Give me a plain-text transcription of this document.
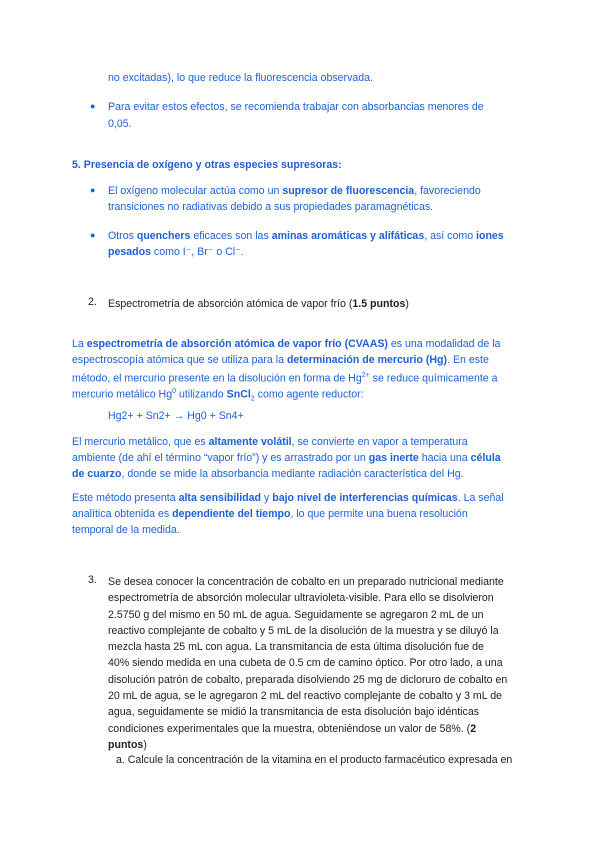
no excitadas), lo que reduce la fluorescencia observada.
● Para evitar estos efectos, se recomienda trabajar con absorbancias menores de
0,05.
5. Presencia de oxígeno y otras especies supresoras:
● El oxígeno molecular actúa como un supresor de fluorescencia, favoreciendo
transiciones no radiativas debido a sus propiedades paramagnéticas.
● Otros quenchers eficaces son las aminas aromáticas y alifáticas, así como iones
pesados como I⁻, Br⁻ o Cl⁻.
2. Espectrometría de absorción atómica de vapor frío (1.5 puntos)
La espectrometría de absorción atómica de vapor frío (CVAAS) es una modalidad de la
espectroscopía atómica que se utiliza para la determinación de mercurio (Hg). En este
método, el mercurio presente en la disolución en forma de $Hg^{2+}$ se reduce químicamente a
mercurio metálico Hg$^0$ utilizando SnCl$_2$ como agente reductor:
Hg2+ + Sn2+ → Hg0 + Sn4+
El mercurio metálico, que es altamente volátil, se convierte en vapor a temperatura
ambiente (de ahí el término “vapor frío”) y es arrastrado por un gas inerte hacia una célula
de cuarzo, donde se mide la absorbancia mediante radiación característica del Hg.
Este método presenta alta sensibilidad y bajo nivel de interferencias químicas. La señal
analítica obtenida es dependiente del tiempo, lo que permite una buena resolución
temporal de la medida.
3. Se desea conocer la concentración de cobalto en un preparado nutricional mediante
espectrometría de absorción molecular ultravioleta-visible. Para ello se disolvieron
2.5750 g del mismo en 50 mL de agua. Seguidamente se agregaron 2 mL de un
reactivo complejante de cobalto y 5 mL de la disolución de la muestra y se diluyó la
mezcla hasta 25 mL con agua. La transmitancia de esta última disolución fue de
40% siendo medida en una cubeta de 0.5 cm de camino óptico. Por otro lado, a una
disolución patrón de cobalto, preparada disolviendo 25 mg de dicloruro de cobalto en
20 mL de agua, se le agregaron 2 mL del reactivo complejante de cobalto y 3 mL de
agua, seguidamente se midió la transmitancia de esta disolución bajo idénticas
condiciones experimentales que la muestra, obteniéndose un valor de 58%. (2
puntos)
a. Calcule la concentración de la vitamina en el producto farmacéutico expresada en
